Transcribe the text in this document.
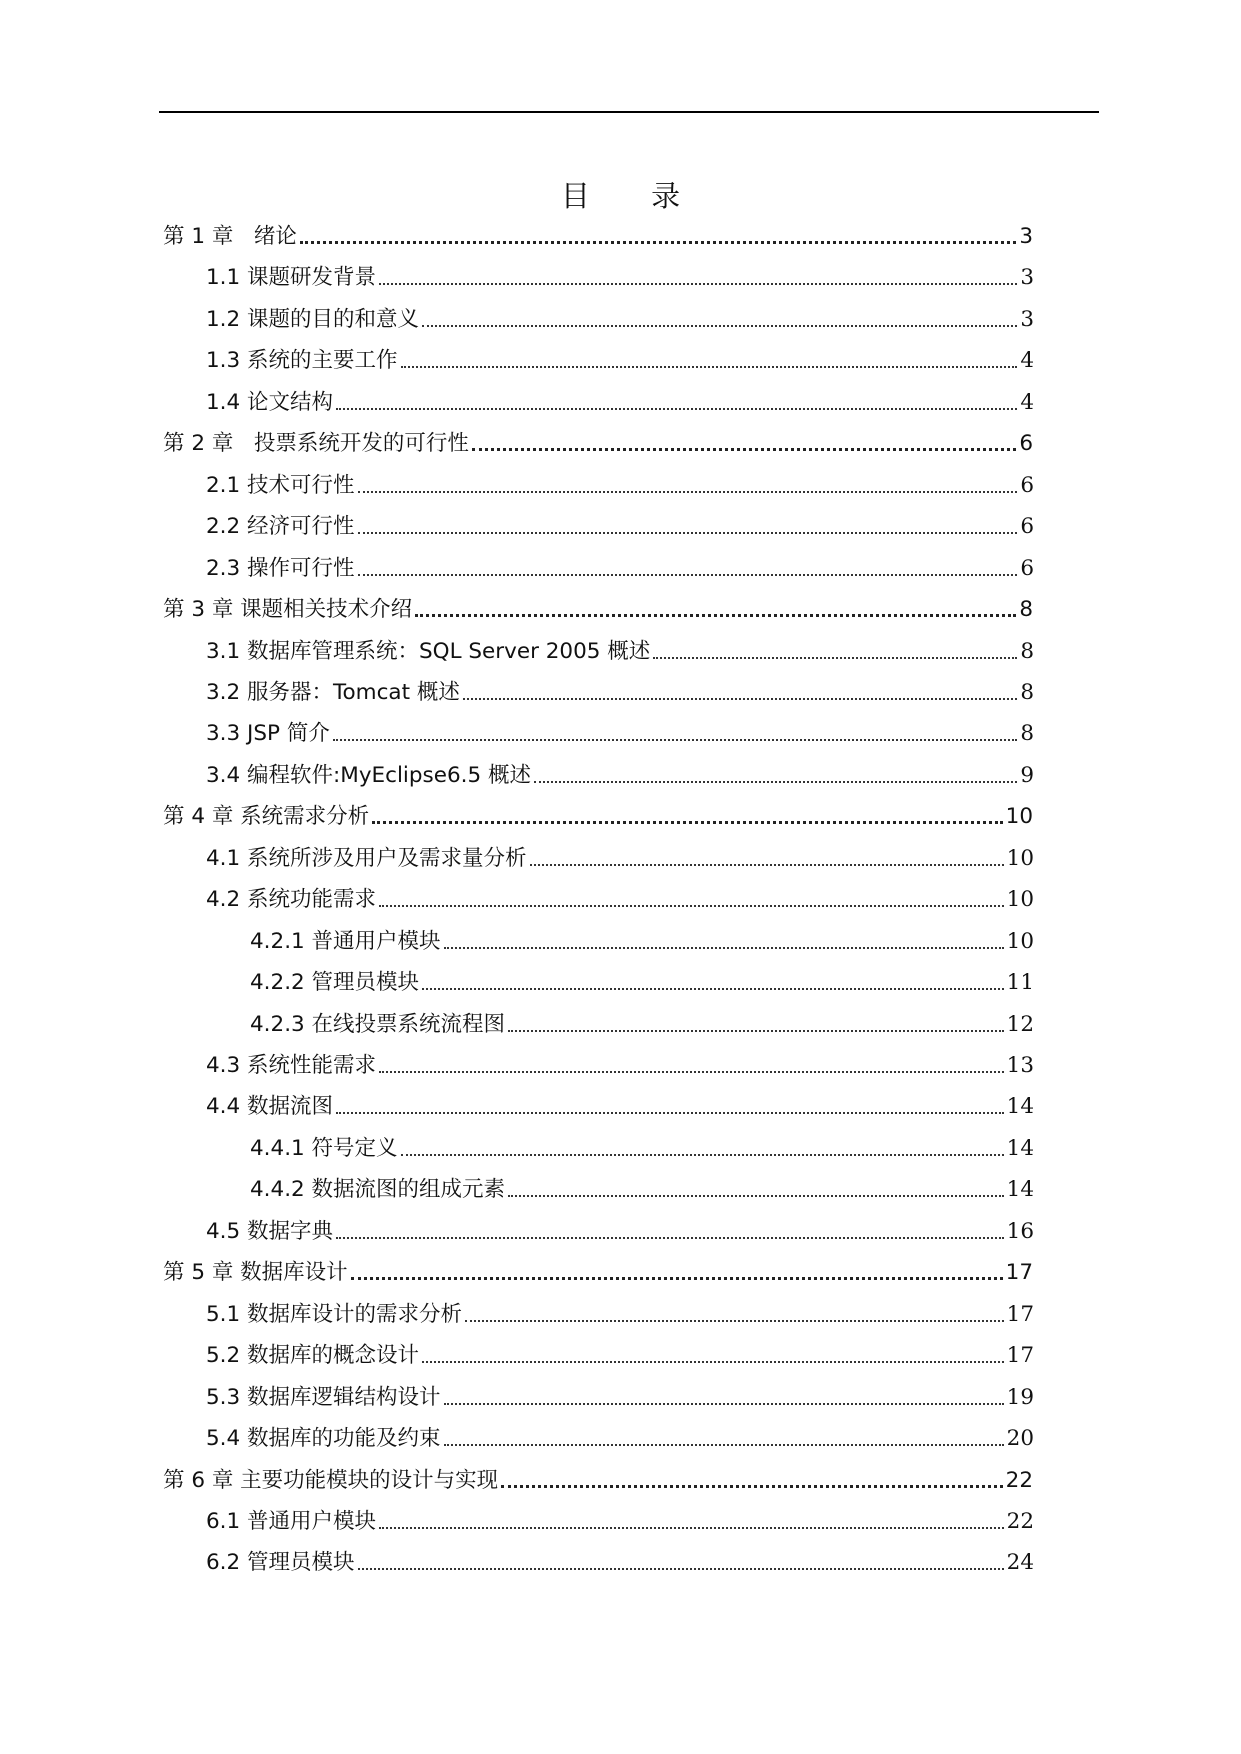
目 录
第 1 章   绪论	3
1.1 课题研发背景	3
1.2 课题的目的和意义	3
1.3 系统的主要工作	4
1.4 论文结构	4
第 2 章   投票系统开发的可行性	6
2.1 技术可行性	6
2.2 经济可行性	6
2.3 操作可行性	6
第 3 章 课题相关技术介绍	8
3.1 数据库管理系统：SQL Server 2005 概述	8
3.2 服务器：Tomcat 概述	8
3.3 JSP 简介	8
3.4 编程软件:MyEclipse6.5 概述	9
第 4 章 系统需求分析	10
4.1 系统所涉及用户及需求量分析	10
4.2 系统功能需求	10
4.2.1 普通用户模块	10
4.2.2 管理员模块	11
4.2.3 在线投票系统流程图	12
4.3 系统性能需求	13
4.4 数据流图	14
4.4.1 符号定义	14
4.4.2 数据流图的组成元素	14
4.5 数据字典	16
第 5 章 数据库设计	17
5.1 数据库设计的需求分析	17
5.2 数据库的概念设计	17
5.3 数据库逻辑结构设计	19
5.4 数据库的功能及约束	20
第 6 章 主要功能模块的设计与实现	22
6.1 普通用户模块	22
6.2 管理员模块	24
